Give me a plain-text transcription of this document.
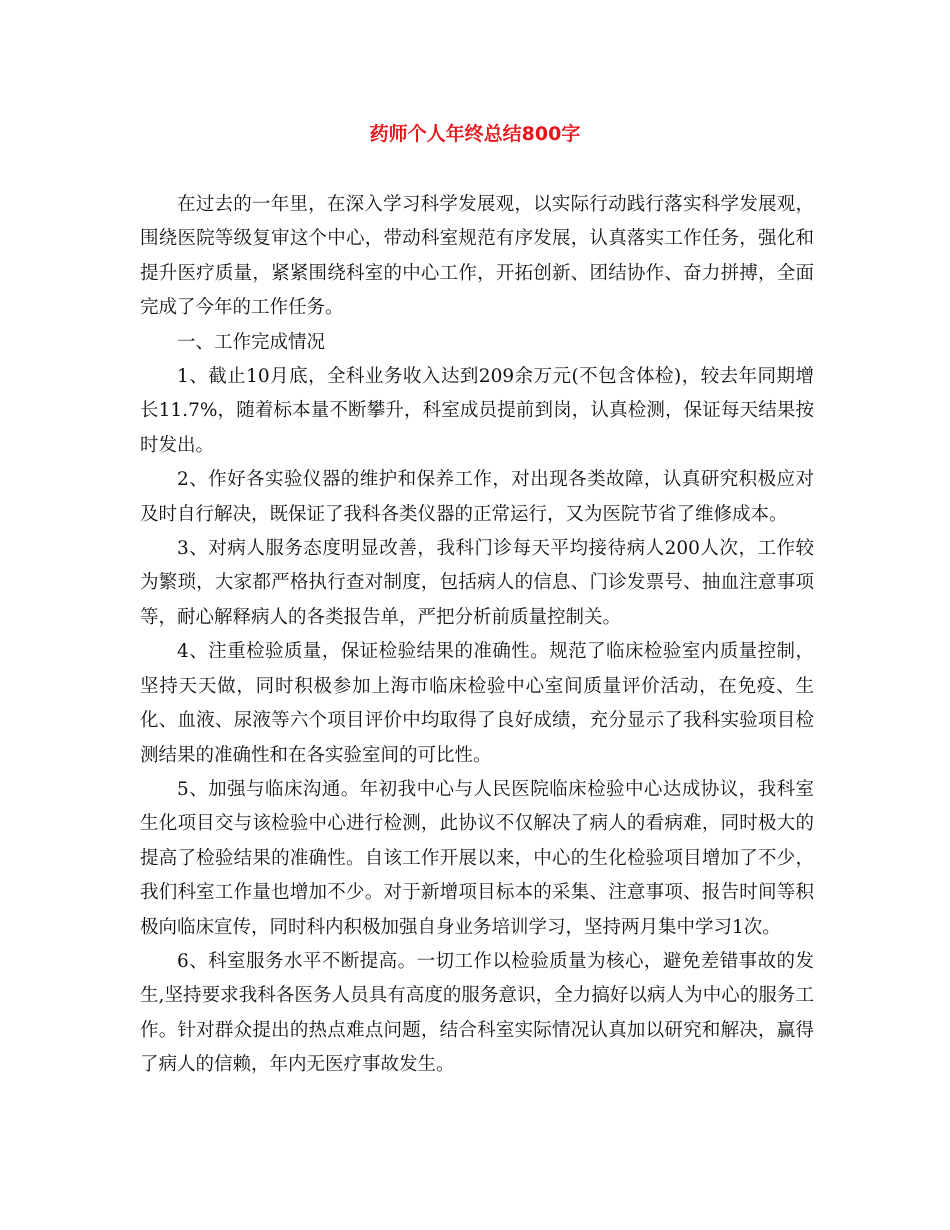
药师个人年终总结800字

在过去的一年里，在深入学习科学发展观，以实际行动践行落实科学发展观，围绕医院等级复审这个中心，带动科室规范有序发展，认真落实工作任务，强化和提升医疗质量，紧紧围绕科室的中心工作，开拓创新、团结协作、奋力拼搏，全面完成了今年的工作任务。

一、工作完成情况

1、截止10月底，全科业务收入达到209余万元(不包含体检)，较去年同期增长11.7%，随着标本量不断攀升，科室成员提前到岗，认真检测，保证每天结果按时发出。

2、作好各实验仪器的维护和保养工作，对出现各类故障，认真研究积极应对及时自行解决，既保证了我科各类仪器的正常运行，又为医院节省了维修成本。

3、对病人服务态度明显改善，我科门诊每天平均接待病人200人次，工作较为繁琐，大家都严格执行查对制度，包括病人的信息、门诊发票号、抽血注意事项等，耐心解释病人的各类报告单，严把分析前质量控制关。

4、注重检验质量，保证检验结果的准确性。规范了临床检验室内质量控制，坚持天天做，同时积极参加上海市临床检验中心室间质量评价活动，在免疫、生化、血液、尿液等六个项目评价中均取得了良好成绩，充分显示了我科实验项目检测结果的准确性和在各实验室间的可比性。

5、加强与临床沟通。年初我中心与人民医院临床检验中心达成协议，我科室生化项目交与该检验中心进行检测，此协议不仅解决了病人的看病难，同时极大的提高了检验结果的准确性。自该工作开展以来，中心的生化检验项目增加了不少，我们科室工作量也增加不少。对于新增项目标本的采集、注意事项、报告时间等积极向临床宣传，同时科内积极加强自身业务培训学习，坚持两月集中学习1次。

6、科室服务水平不断提高。一切工作以检验质量为核心，避免差错事故的发生,坚持要求我科各医务人员具有高度的服务意识，全力搞好以病人为中心的服务工作。针对群众提出的热点难点问题，结合科室实际情况认真加以研究和解决，赢得了病人的信赖，年内无医疗事故发生。
